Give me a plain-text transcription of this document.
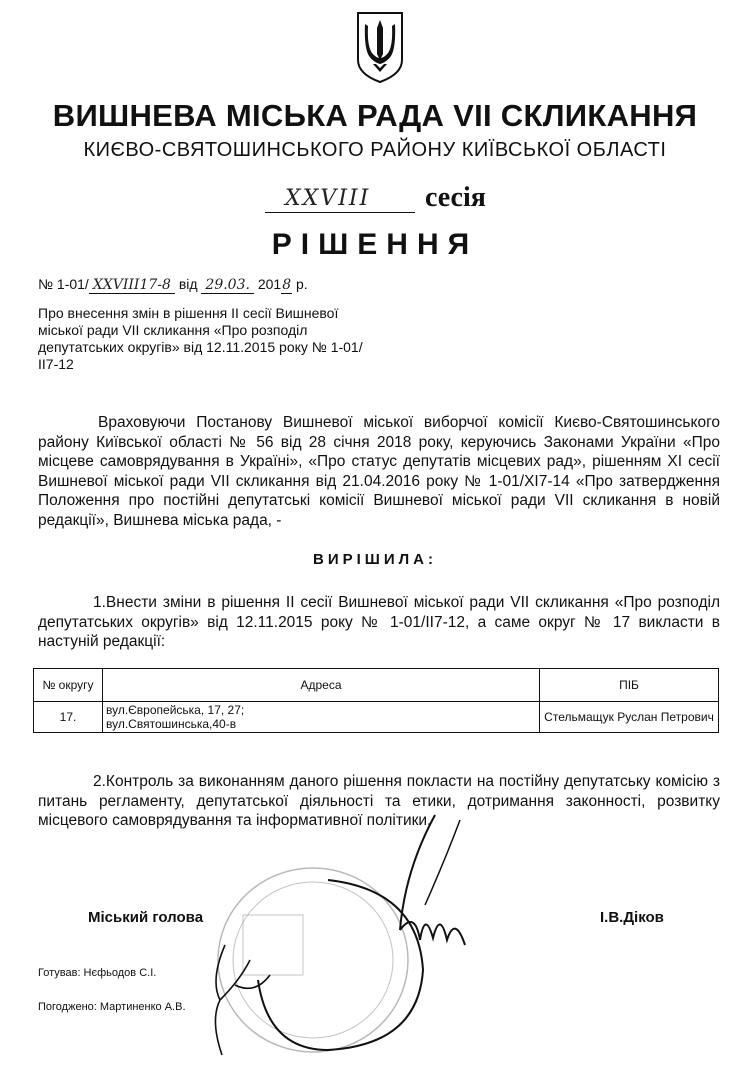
ВИШНЕВА МІСЬКА РАДА VII СКЛИКАННЯ
КИЄВО-СВЯТОШИНСЬКОГО РАЙОНУ КИЇВСЬКОЇ ОБЛАСТІ
XXVIII сесія
РІШЕННЯ
№ 1-01/ XXVIII17-8 від 29.03. 2018 р.
Про внесення змін в рішення ІІ сесії Вишневої міської ради VІІ скликання «Про розподіл депутатських округів» від 12.11.2015 року № 1-01/ІІ7-12
Враховуючи Постанову Вишневої міської виборчої комісії Києво-Святошинського району Київської області № 56 від 28 січня 2018 року, керуючись Законами України «Про місцеве самоврядування в Україні», «Про статус депутатів місцевих рад», рішенням ХІ сесії Вишневої міської ради VІІ скликання від 21.04.2016 року № 1-01/ХІ7-14 «Про затвердження Положення про постійні депутатські комісії Вишневої міської ради VІІ скликання в новій редакції», Вишнева міська рада, -
ВИРІШИЛА:
1.Внести зміни в рішення ІІ сесії Вишневої міської ради VІІ скликання «Про розподіл депутатських округів» від 12.11.2015 року № 1-01/ІІ7-12, а саме округ № 17 викласти в настуній редакції:
№ округу	Адреса	ПІБ
17.	вул.Європейська, 17, 27;
вул.Святошинська,40-в	Стельмащук Руслан Петрович
2.Контроль за виконанням даного рішення покласти на постійну депутатську комісію з питань регламенту, депутатської діяльності та етики, дотримання законності, розвитку місцевого самоврядування та інформативної політики.
Міський голова	І.В.Діков
Готував: Нєфьодов С.І.
Погоджено: Мартиненко А.В.
